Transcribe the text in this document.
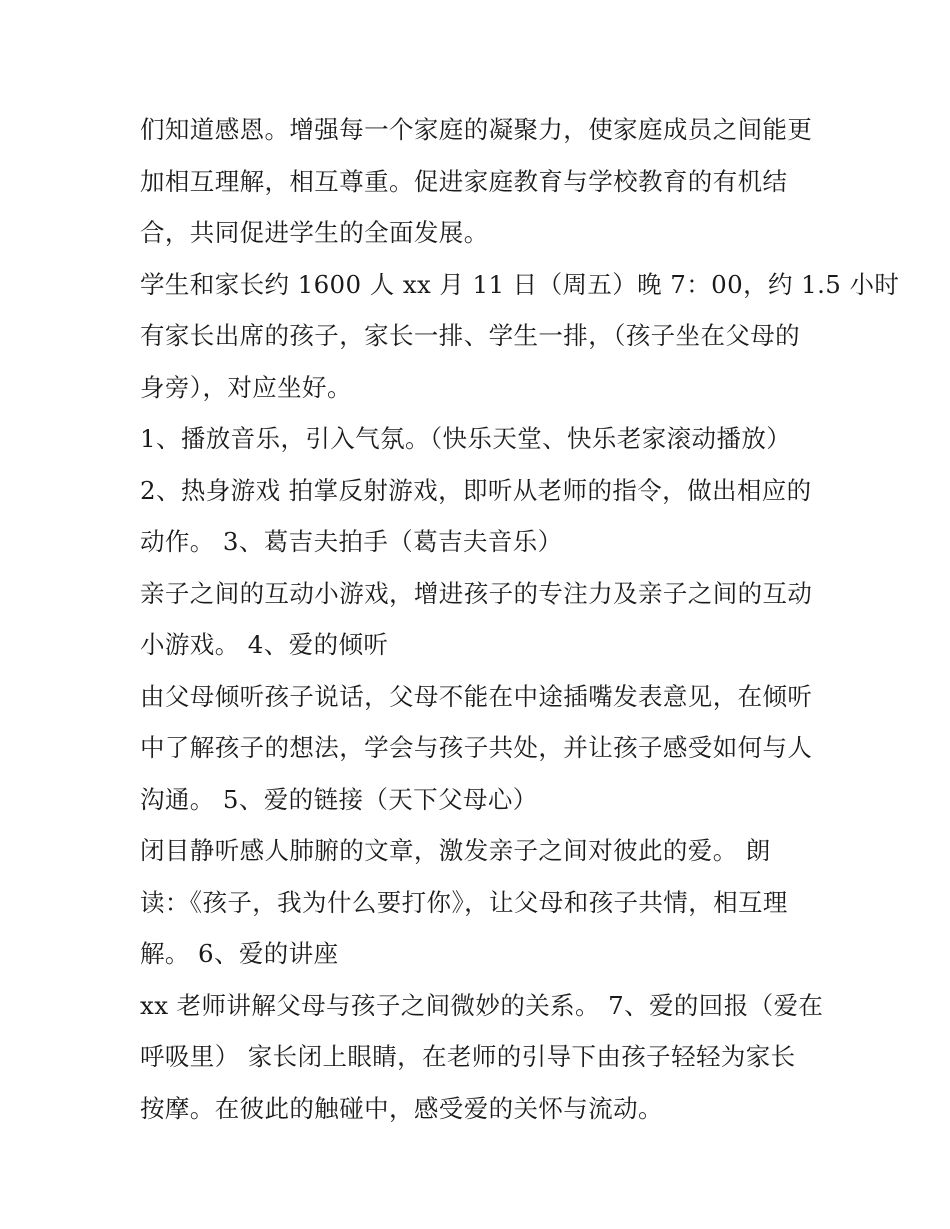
们知道感恩。增强每一个家庭的凝聚力，使家庭成员之间能更
加相互理解，相互尊重。促进家庭教育与学校教育的有机结
合，共同促进学生的全面发展。
学生和家长约 1600 人 xx 月 11 日（周五）晚 7：00，约 1.5 小时
有家长出席的孩子，家长一排、学生一排，（孩子坐在父母的
身旁），对应坐好。
1、播放音乐，引入气氛。（快乐天堂、快乐老家滚动播放）
2、热身游戏 拍掌反射游戏，即听从老师的指令，做出相应的
动作。 3、葛吉夫拍手（葛吉夫音乐）
亲子之间的互动小游戏，增进孩子的专注力及亲子之间的互动
小游戏。 4、爱的倾听
由父母倾听孩子说话，父母不能在中途插嘴发表意见，在倾听
中了解孩子的想法，学会与孩子共处，并让孩子感受如何与人
沟通。 5、爱的链接（天下父母心）
闭目静听感人肺腑的文章，激发亲子之间对彼此的爱。 朗
读：《孩子，我为什么要打你》，让父母和孩子共情，相互理
解。 6、爱的讲座
xx 老师讲解父母与孩子之间微妙的关系。 7、爱的回报（爱在
呼吸里） 家长闭上眼睛，在老师的引导下由孩子轻轻为家长
按摩。在彼此的触碰中，感受爱的关怀与流动。
